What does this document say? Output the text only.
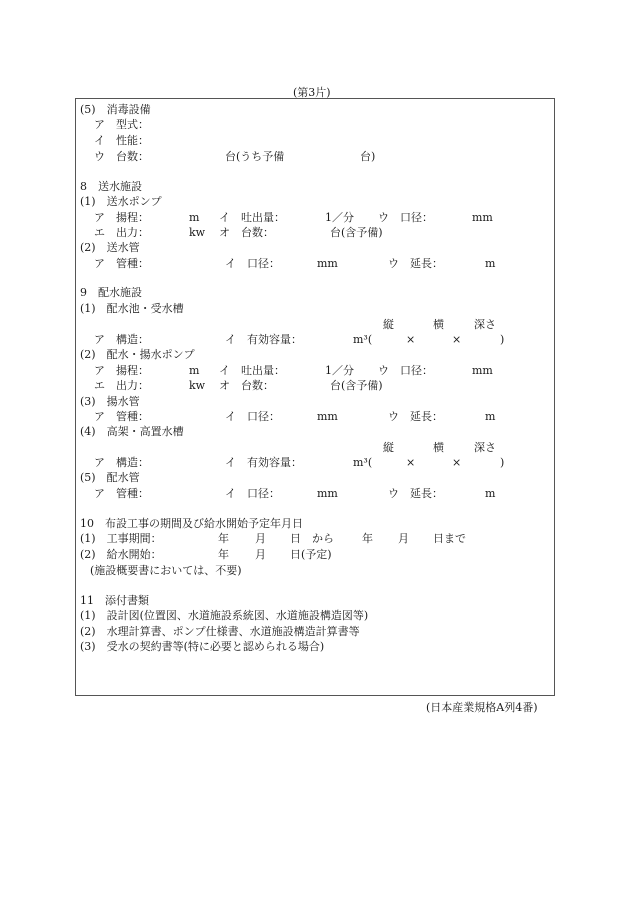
(第3片)
(5)　消毒設備
ア　型式：
イ　性能：
ウ　台数：	台(うち予備	台)
8　送水施設
(1)　送水ポンプ
ア　揚程：	m イ　吐出量：	1／分 ウ　口径：	mm
エ　出力：	kw オ　台数：	台(含予備)
(2)　送水管
ア　管種：	イ　口径：	mm	ウ　延長：	m
9　配水施設
(1)　配水池・受水槽
縦	横	深さ
ア　構造：	イ　有効容量：	m³(	×	×	)
(2)　配水・揚水ポンプ
ア　揚程：	m イ　吐出量：	1／分 ウ　口径：	mm
エ　出力：	kw オ　台数：	台(含予備)
(3)　揚水管
ア　管種：	イ　口径：	mm	ウ　延長：	m
(4)　高架・高置水槽
縦	横	深さ
ア　構造：	イ　有効容量：	m³(	×	×	)
(5)　配水管
ア　管種：	イ　口径：	mm	ウ　延長：	m
10　布設工事の期間及び給水開始予定年月日
(1)　工事期間：	年 月 日　から	年 月 日まで
(2)　給水開始：	年 月 日(予定)
(施設概要書においては、不要)
11　添付書類
(1)　設計図(位置図、水道施設系統図、水道施設構造図等)
(2)　水理計算書、ポンプ仕様書、水道施設構造計算書等
(3)　受水の契約書等(特に必要と認められる場合)
(日本産業規格A列4番)
